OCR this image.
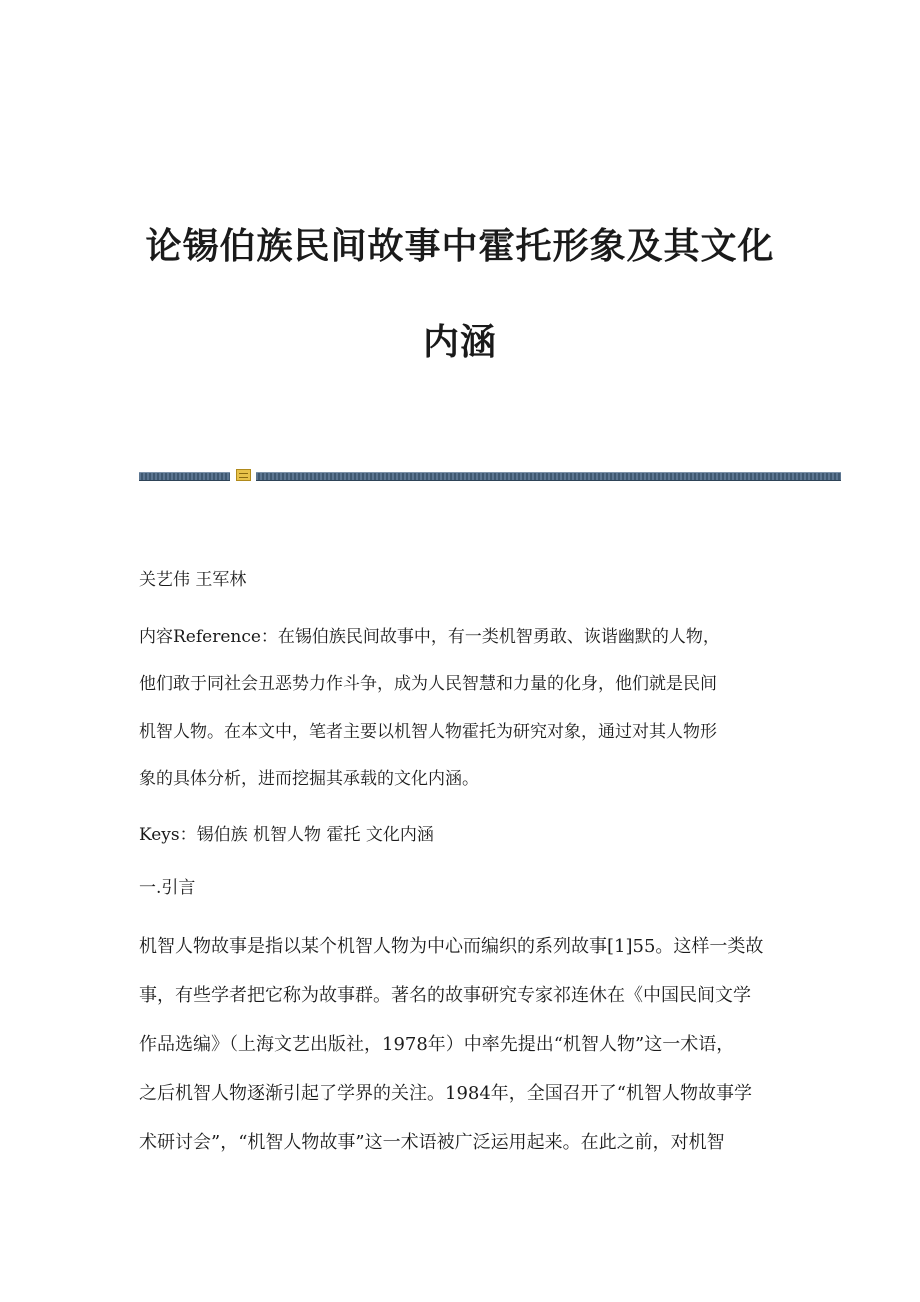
论锡伯族民间故事中霍托形象及其文化
内涵

关艺伟 王军林

内容Reference：在锡伯族民间故事中，有一类机智勇敢、诙谐幽默的人物，

他们敢于同社会丑恶势力作斗争，成为人民智慧和力量的化身，他们就是民间

机智人物。在本文中，笔者主要以机智人物霍托为研究对象，通过对其人物形

象的具体分析，进而挖掘其承载的文化内涵。

Keys：锡伯族 机智人物 霍托 文化内涵

一.引言

机智人物故事是指以某个机智人物为中心而编织的系列故事[1]55。这样一类故

事，有些学者把它称为故事群。著名的故事研究专家祁连休在《中国民间文学

作品选编》（上海文艺出版社，1978年）中率先提出“机智人物”这一术语，

之后机智人物逐渐引起了学界的关注。1984年，全国召开了“机智人物故事学

术研讨会”，“机智人物故事”这一术语被广泛运用起来。在此之前，对机智
